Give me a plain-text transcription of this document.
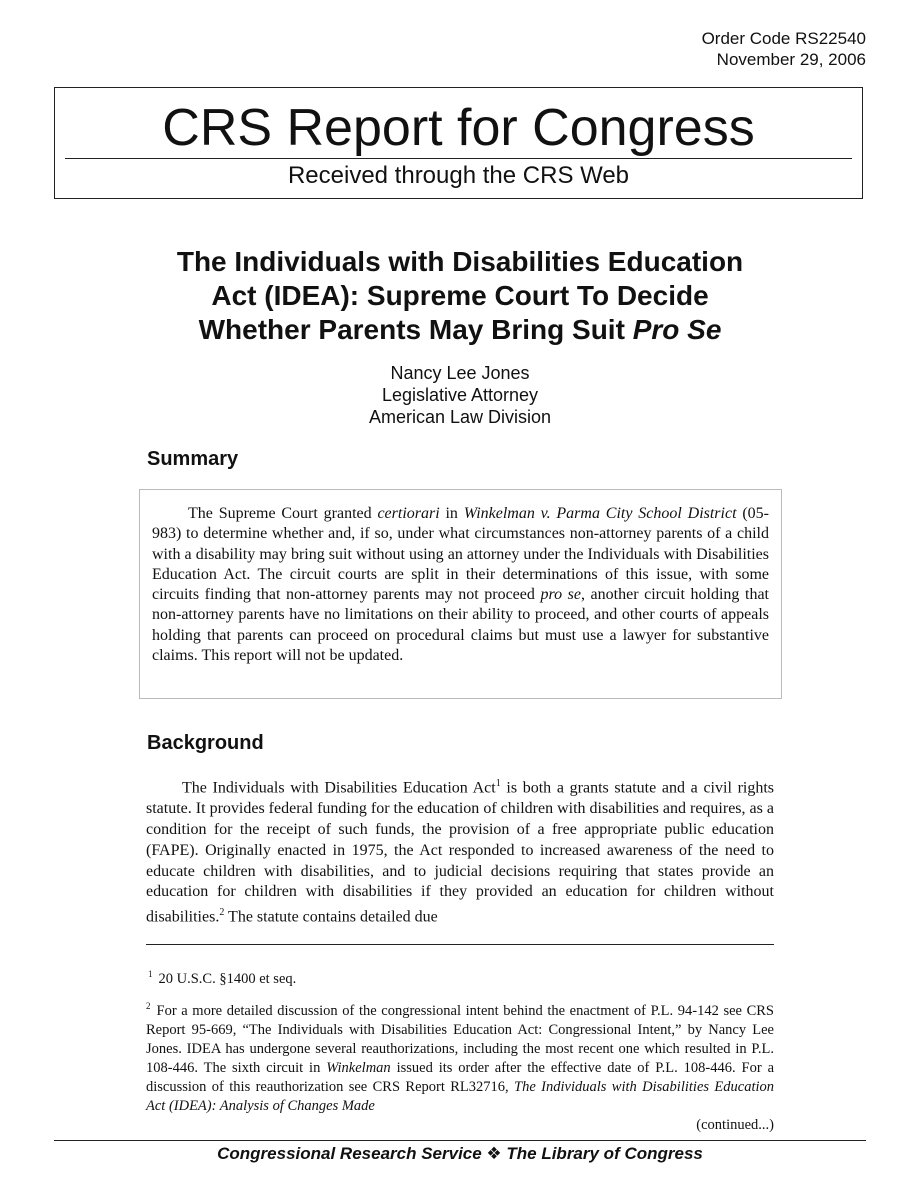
Order Code RS22540
November 29, 2006
CRS Report for Congress
Received through the CRS Web
The Individuals with Disabilities Education
Act (IDEA): Supreme Court To Decide
Whether Parents May Bring Suit Pro Se
Nancy Lee Jones
Legislative Attorney
American Law Division
Summary
The Supreme Court granted certiorari in Winkelman v. Parma City School District (05-983) to determine whether and, if so, under what circumstances non-attorney parents of a child with a disability may bring suit without using an attorney under the Individuals with Disabilities Education Act. The circuit courts are split in their determinations of this issue, with some circuits finding that non-attorney parents may not proceed pro se, another circuit holding that non-attorney parents have no limitations on their ability to proceed, and other courts of appeals holding that parents can proceed on procedural claims but must use a lawyer for substantive claims. This report will not be updated.
Background
The Individuals with Disabilities Education Act$^1$ is both a grants statute and a civil rights statute. It provides federal funding for the education of children with disabilities and requires, as a condition for the receipt of such funds, the provision of a free appropriate public education (FAPE). Originally enacted in 1975, the Act responded to increased awareness of the need to educate children with disabilities, and to judicial decisions requiring that states provide an education for children with disabilities if they provided an education for children without disabilities.$^2$ The statute contains detailed due
$^1$ 20 U.S.C. §1400 et seq.
$^2$ For a more detailed discussion of the congressional intent behind the enactment of P.L. 94-142 see CRS Report 95-669, “The Individuals with Disabilities Education Act: Congressional Intent,” by Nancy Lee Jones. IDEA has undergone several reauthorizations, including the most recent one which resulted in P.L. 108-446. The sixth circuit in Winkelman issued its order after the effective date of P.L. 108-446. For a discussion of this reauthorization see CRS Report RL32716, The Individuals with Disabilities Education Act (IDEA): Analysis of Changes Made
(continued...)
Congressional Research Service ❖ The Library of Congress
